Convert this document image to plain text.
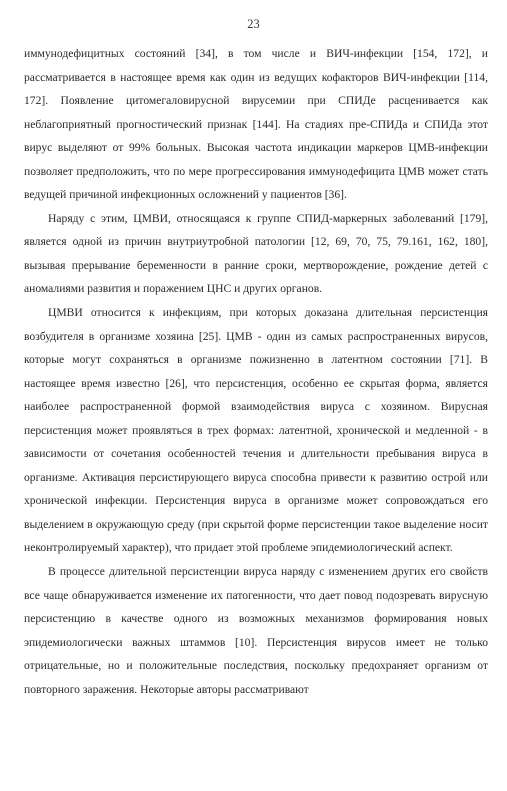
23

иммунодефицитных состояний [34], в том числе и ВИЧ-инфекции [154, 172], и рассматривается в настоящее время как один из ведущих кофакторов ВИЧ-инфекции [114, 172]. Появление цитомегаловирусной вирусемии при СПИДе расценивается как неблагоприятный прогностический признак [144]. На стадиях пре-СПИДа и СПИДа этот вирус выделяют от 99% больных. Высокая частота индикации маркеров ЦМВ-инфекции позволяет предположить, что по мере прогрессирования иммунодефицита ЦМВ может стать ведущей причиной инфекционных осложнений у пациентов [36].

Наряду с этим, ЦМВИ, относящаяся к группе СПИД-маркерных заболеваний [179], является одной из причин внутриутробной патологии [12, 69, 70, 75, 79.161, 162, 180], вызывая прерывание беременности в ранние сроки, мертворождение, рождение детей с аномалиями развития и поражением ЦНС и других органов.

ЦМВИ относится к инфекциям, при которых доказана длительная персистенция возбудителя в организме хозяина [25]. ЦМВ - один из самых распространенных вирусов, которые могут сохраняться в организме пожизненно в латентном состоянии [71]. В настоящее время известно [26], что персистенция, особенно ее скрытая форма, является наиболее распространенной формой взаимодействия вируса с хозяином. Вирусная персистенция может проявляться в трех формах: латентной, хронической и медленной - в зависимости от сочетания особенностей течения и длительности пребывания вируса в организме. Активация персистирующего вируса способна привести к развитию острой или хронической инфекции. Персистенция вируса в организме может сопровождаться его выделением в окружающую среду (при скрытой форме персистенции такое выделение носит неконтролируемый характер), что придает этой проблеме эпидемиологический аспект.

В процессе длительной персистенции вируса наряду с изменением других его свойств все чаще обнаруживается изменение их патогенности, что дает повод подозревать вирусную персистенцию в качестве одного из возможных механизмов формирования новых эпидемиологически важных штаммов [10]. Персистенция вирусов имеет не только отрицательные, но и положительные последствия, поскольку предохраняет организм от повторного заражения. Некоторые авторы рассматривают
